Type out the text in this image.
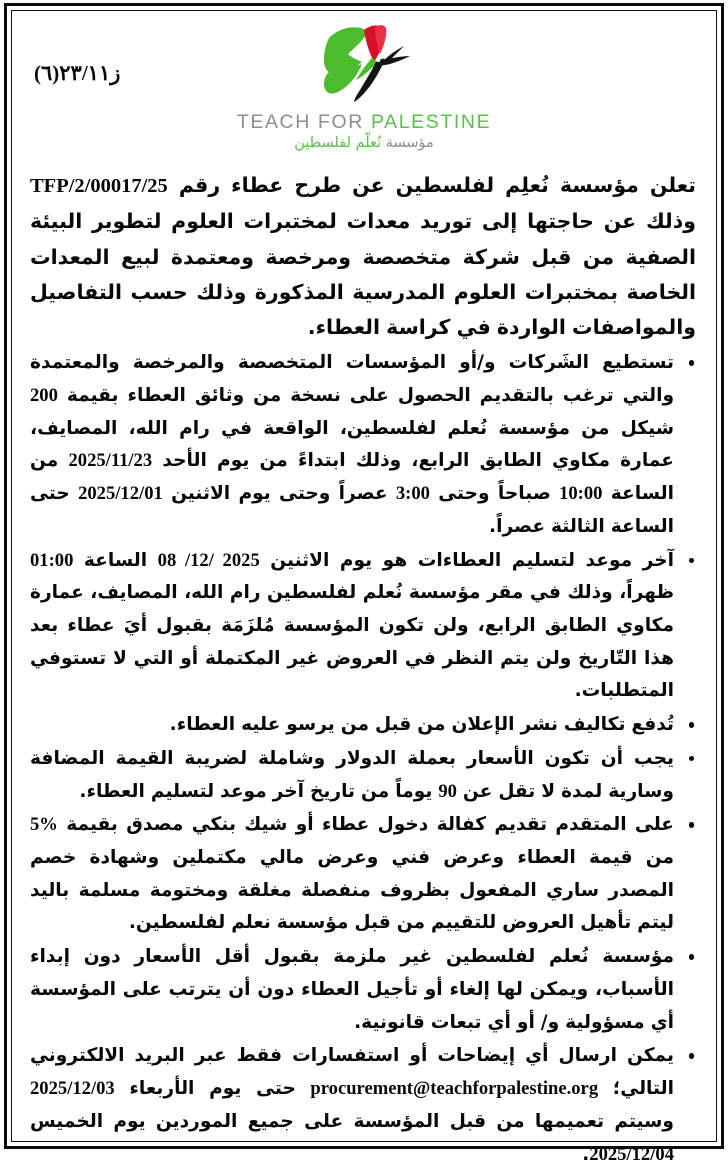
ز٢٣/١١(٦)
TEACH FOR PALESTINE
مؤسسة نُعلّم لفلسطين

تعلن مؤسسة نُعلِم لفلسطين عن طرح عطاء رقم TFP/2/00017/25 وذلك عن حاجتها إلى توريد معدات لمختبرات العلوم لتطوير البيئة الصفية من قبل شركة متخصصة ومرخصة ومعتمدة لبيع المعدات الخاصة بمختبرات العلوم المدرسية المذكورة وذلك حسب التفاصيل والمواصفات الواردة في كراسة العطاء.

تستطيع الشَركات و/أو المؤسسات المتخصصة والمرخصة والمعتمدة والتي ترغب بالتقديم الحصول على نسخة من وثائق العطاء بقيمة 200 شيكل من مؤسسة نُعلم لفلسطين، الواقعة في رام الله، المصايف، عمارة مكاوي الطابق الرابع، وذلك ابتداءً من يوم الأحد 2025/11/23 من الساعة 10:00 صباحاً وحتى 3:00 عصراً وحتى يوم الاثنين 2025/12/01 حتى الساعة الثالثة عصراً.
آخر موعد لتسليم العطاءات هو يوم الاثنين 08 /12/ 2025 الساعة 01:00 ظهراً، وذلك في مقر مؤسسة نُعلم لفلسطين رام الله، المصايف، عمارة مكاوي الطابق الرابع، ولن تكون المؤسسة مُلزَمَة بقبول أيَ عطاء بعد هذا التّاريخ ولن يتم النظر في العروض غير المكتملة أو التي لا تستوفي المتطلبات.
تُدفع تكاليف نشر الإعلان من قبل من يرسو عليه العطاء.
يجب أن تكون الأسعار بعملة الدولار وشاملة لضريبة القيمة المضافة وسارية لمدة لا تقل عن 90 يوماً من تاريخ آخر موعد لتسليم العطاء.
على المتقدم تقديم كفالة دخول عطاء أو شيك بنكي مصدق بقيمة 5% من قيمة العطاء وعرض فني وعرض مالي مكتملين وشهادة خصم المصدر ساري المفعول بظروف منفصلة مغلقة ومختومة مسلمة باليد ليتم تأهيل العروض للتقييم من قبل مؤسسة نعلم لفلسطين.
مؤسسة نُعلم لفلسطين غير ملزمة بقبول أقل الأسعار دون إبداء الأسباب، ويمكن لها إلغاء أو تأجيل العطاء دون أن يترتب على المؤسسة أي مسؤولية و/ أو أي تبعات قانونية.
يمكن ارسال أي إيضاحات أو استفسارات فقط عبر البريد الالكتروني التالي؛ procurement@teachforpalestine.org حتى يوم الأربعاء 2025/12/03 وسيتم تعميمها من قبل المؤسسة على جميع الموردين يوم الخميس 2025/12/04.
